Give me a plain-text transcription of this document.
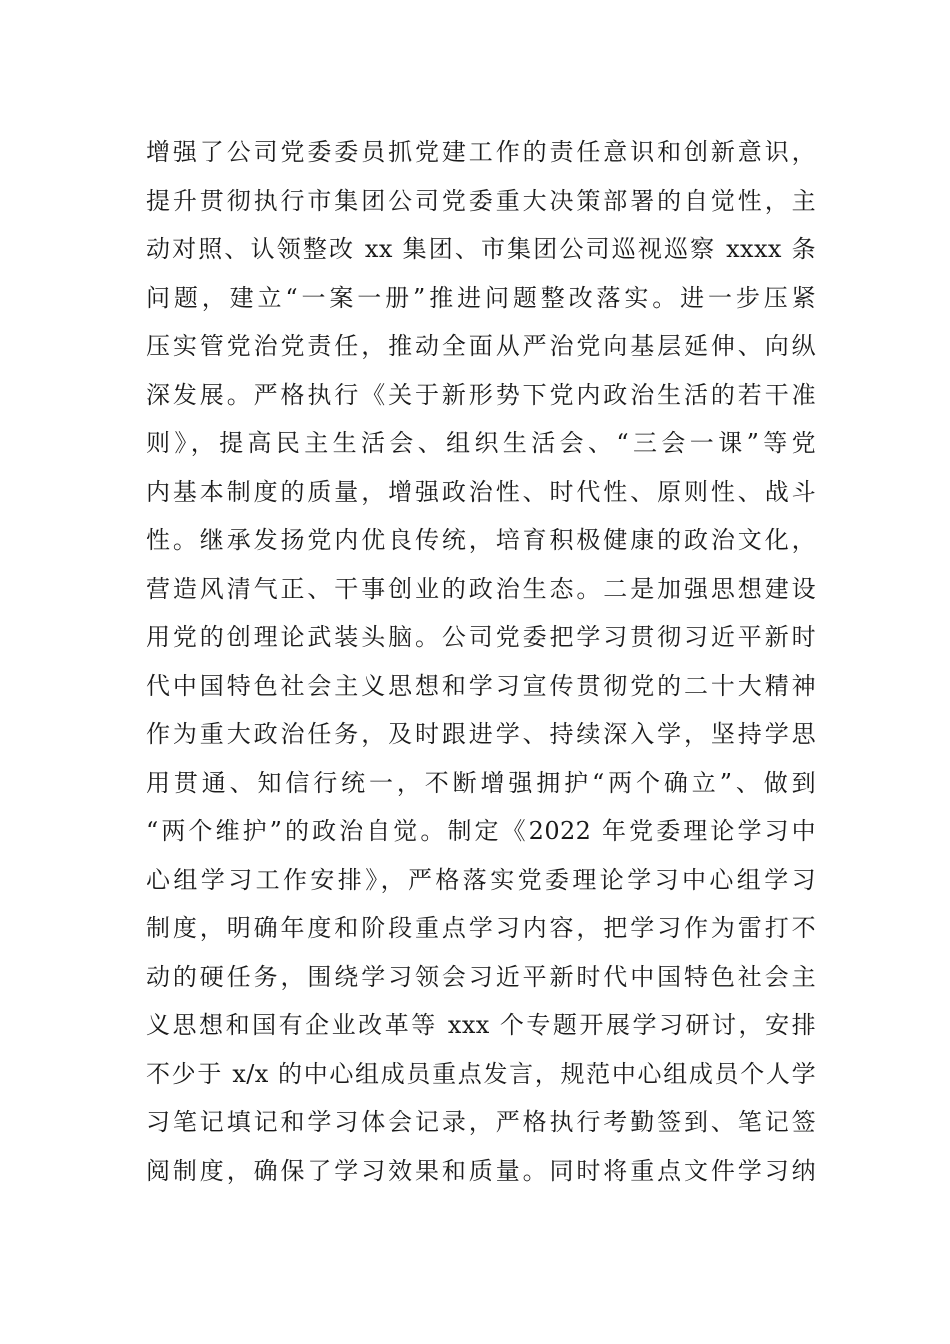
增强了公司党委委员抓党建工作的责任意识和创新意识，
提升贯彻执行市集团公司党委重大决策部署的自觉性，主
动对照、认领整改 xx 集团、市集团公司巡视巡察 xxxx 条
问题，建立“一案一册”推进问题整改落实。进一步压紧
压实管党治党责任，推动全面从严治党向基层延伸、向纵
深发展。严格执行《关于新形势下党内政治生活的若干准
则》，提高民主生活会、组织生活会、“三会一课”等党
内基本制度的质量，增强政治性、时代性、原则性、战斗
性。继承发扬党内优良传统，培育积极健康的政治文化，
营造风清气正、干事创业的政治生态。二是加强思想建设
用党的创理论武装头脑。公司党委把学习贯彻习近平新时
代中国特色社会主义思想和学习宣传贯彻党的二十大精神
作为重大政治任务，及时跟进学、持续深入学，坚持学思
用贯通、知信行统一，不断增强拥护“两个确立”、做到
“两个维护”的政治自觉。制定《2022 年党委理论学习中
心组学习工作安排》，严格落实党委理论学习中心组学习
制度，明确年度和阶段重点学习内容，把学习作为雷打不
动的硬任务，围绕学习领会习近平新时代中国特色社会主
义思想和国有企业改革等 xxx 个专题开展学习研讨，安排
不少于 x/x 的中心组成员重点发言，规范中心组成员个人学
习笔记填记和学习体会记录，严格执行考勤签到、笔记签
阅制度，确保了学习效果和质量。同时将重点文件学习纳
